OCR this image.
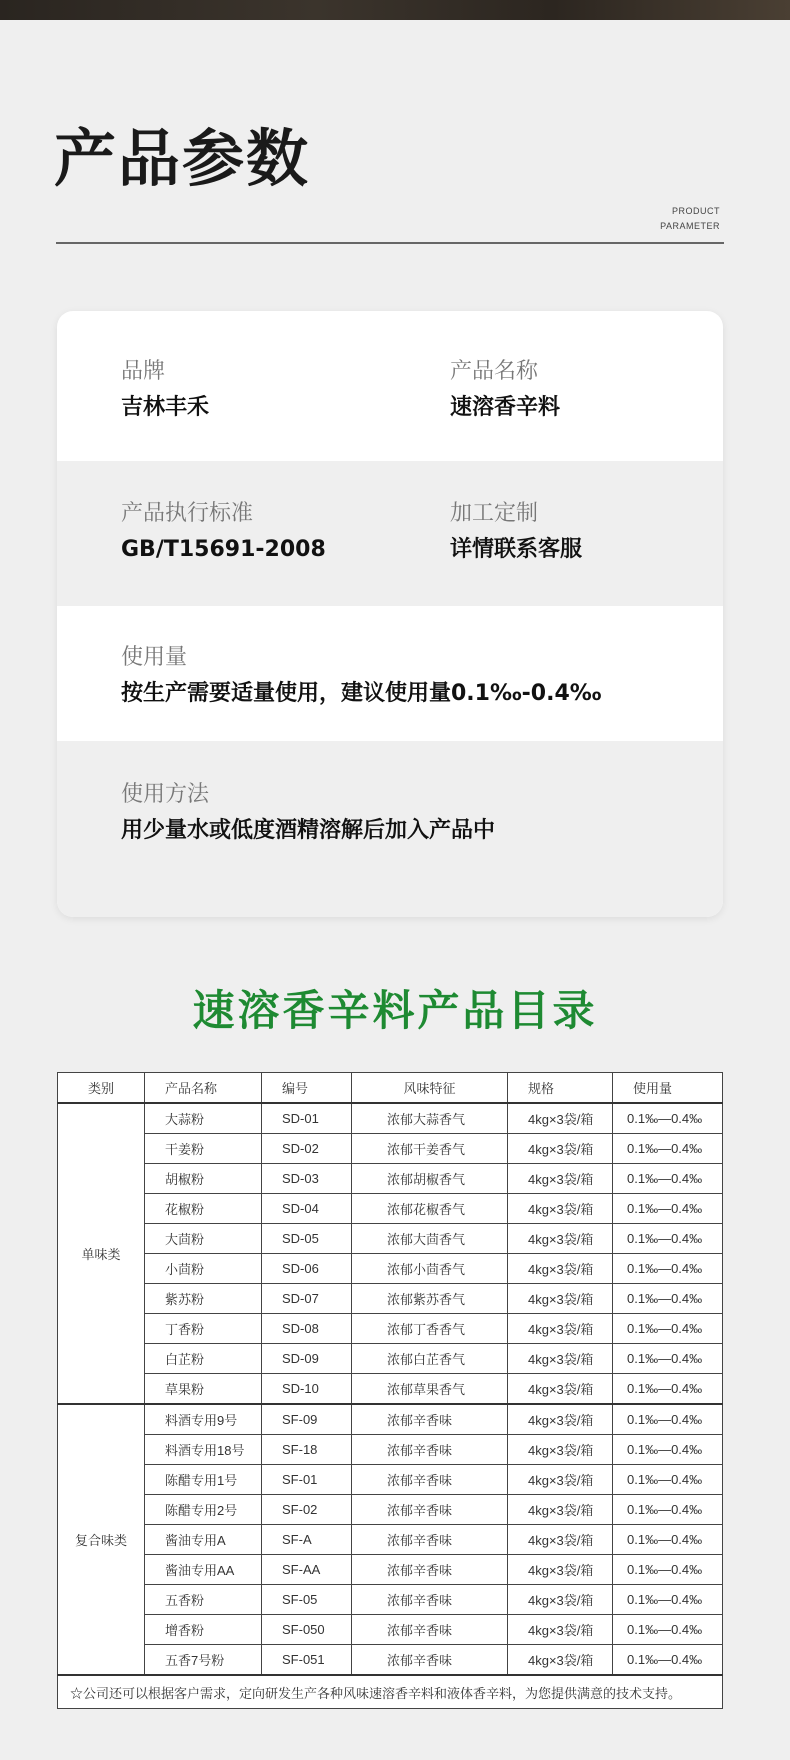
产品参数
PRODUCT
PARAMETER
品牌
吉林丰禾
产品名称
速溶香辛料
产品执行标准
GB/T15691-2008
加工定制
详情联系客服
使用量
按生产需要适量使用，建议使用量0.1‰-0.4‰
使用方法
用少量水或低度酒精溶解后加入产品中
速溶香辛料产品目录
类别	产品名称	编号	风味特征	规格	使用量
单味类	大蒜粉	SD-01	浓郁大蒜香气	4kg×3袋/箱	0.1‰—0.4‰
	干姜粉	SD-02	浓郁干姜香气	4kg×3袋/箱	0.1‰—0.4‰
	胡椒粉	SD-03	浓郁胡椒香气	4kg×3袋/箱	0.1‰—0.4‰
	花椒粉	SD-04	浓郁花椒香气	4kg×3袋/箱	0.1‰—0.4‰
	大茴粉	SD-05	浓郁大茴香气	4kg×3袋/箱	0.1‰—0.4‰
	小茴粉	SD-06	浓郁小茴香气	4kg×3袋/箱	0.1‰—0.4‰
	紫苏粉	SD-07	浓郁紫苏香气	4kg×3袋/箱	0.1‰—0.4‰
	丁香粉	SD-08	浓郁丁香香气	4kg×3袋/箱	0.1‰—0.4‰
	白芷粉	SD-09	浓郁白芷香气	4kg×3袋/箱	0.1‰—0.4‰
	草果粉	SD-10	浓郁草果香气	4kg×3袋/箱	0.1‰—0.4‰
复合味类	料酒专用9号	SF-09	浓郁辛香味	4kg×3袋/箱	0.1‰—0.4‰
	料酒专用18号	SF-18	浓郁辛香味	4kg×3袋/箱	0.1‰—0.4‰
	陈醋专用1号	SF-01	浓郁辛香味	4kg×3袋/箱	0.1‰—0.4‰
	陈醋专用2号	SF-02	浓郁辛香味	4kg×3袋/箱	0.1‰—0.4‰
	酱油专用A	SF-A	浓郁辛香味	4kg×3袋/箱	0.1‰—0.4‰
	酱油专用AA	SF-AA	浓郁辛香味	4kg×3袋/箱	0.1‰—0.4‰
	五香粉	SF-05	浓郁辛香味	4kg×3袋/箱	0.1‰—0.4‰
	增香粉	SF-050	浓郁辛香味	4kg×3袋/箱	0.1‰—0.4‰
	五香7号粉	SF-051	浓郁辛香味	4kg×3袋/箱	0.1‰—0.4‰
☆公司还可以根据客户需求，定向研发生产各种风味速溶香辛料和液体香辛料，为您提供满意的技术支持。					
